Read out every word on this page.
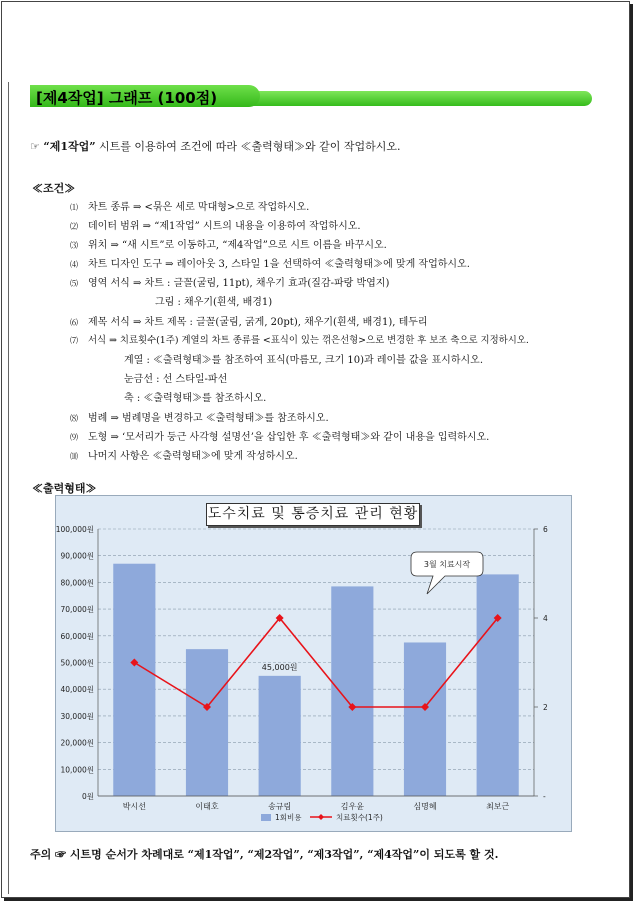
[제4작업] 그래프 (100점)
☞ “제1작업” 시트를 이용하여 조건에 따라 ≪출력형태≫와 같이 작업하시오.
≪조건≫
⑴ 차트 종류 ⇒ <묶은 세로 막대형>으로 작업하시오.
⑵ 데이터 범위 ⇒ “제1작업” 시트의 내용을 이용하여 작업하시오.
⑶ 위치 ⇒ “새 시트”로 이동하고, “제4작업”으로 시트 이름을 바꾸시오.
⑷ 차트 디자인 도구 ⇒ 레이아웃 3, 스타일 1을 선택하여 ≪출력형태≫에 맞게 작업하시오.
⑸ 영역 서식 ⇒ 차트 : 글꼴(굴림, 11pt), 채우기 효과(질감-파랑 박엽지)
그림 : 채우기(흰색, 배경1)
⑹ 제목 서식 ⇒ 차트 제목 : 글꼴(굴림, 굵게, 20pt), 채우기(흰색, 배경1), 테두리
⑺ 서식 ⇒ 치료횟수(1주) 계열의 차트 종류를 <표식이 있는 꺾은선형>으로 변경한 후 보조 축으로 지정하시오.
계열 : ≪출력형태≫를 참조하여 표식(마름모, 크기 10)과 레이블 값을 표시하시오.
눈금선 : 선 스타일-파선
축 : ≪출력형태≫를 참조하시오.
⑻ 범례 ⇒ 범례명을 변경하고 ≪출력형태≫를 참조하시오.
⑼ 도형 ⇒ ‘모서리가 둥근 사각형 설명선’을 삽입한 후 ≪출력형태≫와 같이 내용을 입력하시오.
⑽ 나머지 사항은 ≪출력형태≫에 맞게 작성하시오.
≪출력형태≫
45,000원
0원
10,000원
20,000원
30,000원
40,000원
50,000원
60,000원
70,000원
80,000원
90,000원
100,000원
-
2
4
6
박시선	이태호	송규림	김우윤	심명혜	최보근
3월 치료시작
1회비용	치료횟수(1주)
도수치료 및 통증치료 관리 현황
주의 ☞ 시트명 순서가 차례대로 “제1작업”, “제2작업”, “제3작업”, “제4작업”이 되도록 할 것.
